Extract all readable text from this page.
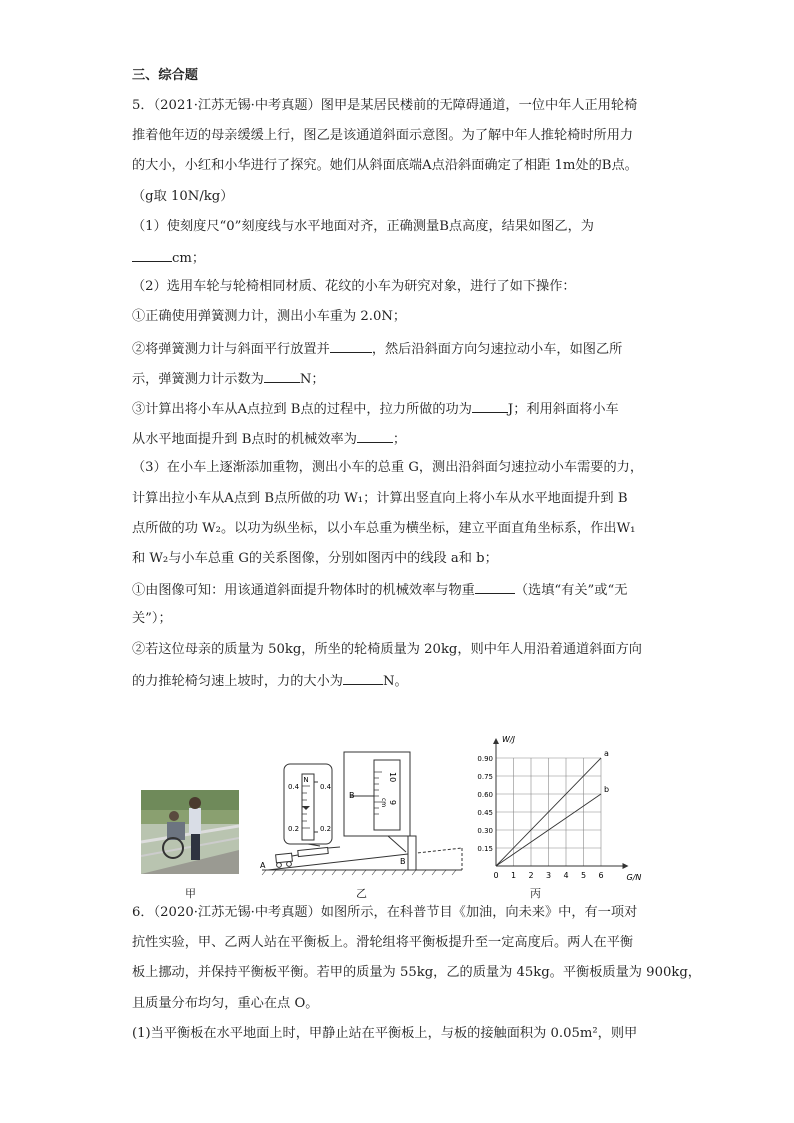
三、综合题
5．（2021·江苏无锡·中考真题）图甲是某居民楼前的无障碍通道，一位中年人正用轮椅
推着他年迈的母亲缓缓上行，图乙是该通道斜面示意图。为了解中年人推轮椅时所用力
的大小，小红和小华进行了探究。她们从斜面底端A点沿斜面确定了相距 1m处的B点。
（g取 10N/kg）
（1）使刻度尺“0”刻度线与水平地面对齐，正确测量B点高度，结果如图乙，为
cm；
（2）选用车轮与轮椅相同材质、花纹的小车为研究对象，进行了如下操作：
①正确使用弹簧测力计，测出小车重为 2.0N；
②将弹簧测力计与斜面平行放置并	，然后沿斜面方向匀速拉动小车，如图乙所
示，弹簧测力计示数为	N；
③计算出将小车从A点拉到 B点的过程中，拉力所做的功为	J；利用斜面将小车
从水平地面提升到 B点时的机械效率为	；
（3）在小车上逐渐添加重物，测出小车的总重 G，测出沿斜面匀速拉动小车需要的力，
计算出拉小车从A点到 B点所做的功 W₁；计算出竖直向上将小车从水平地面提升到 B
点所做的功 W₂。以功为纵坐标，以小车总重为横坐标，建立平面直角坐标系，作出W₁
和 W₂与小车总重 G的关系图像，分别如图丙中的线段 a和 b；
①由图像可知：用该通道斜面提升物体时的机械效率与物重	（选填“有关”或“无
关”）；
②若这位母亲的质量为 50kg，所坐的轮椅质量为 20kg，则中年人用沿着通道斜面方向
的力推轮椅匀速上坡时，力的大小为	N。
甲
N
0.4	0.4
0.2	0.2
B
10
9
cm
A	B
乙
0 1 2 3 4 5 6
0.15
0.30
0.45
0.60
0.75
0.90
W/J
G/N
a
b
丙
6．（2020·江苏无锡·中考真题）如图所示，在科普节目《加油，向未来》中，有一项对
抗性实验，甲、乙两人站在平衡板上。滑轮组将平衡板提升至一定高度后。两人在平衡
板上挪动，并保持平衡板平衡。若甲的质量为 55kg，乙的质量为 45kg。平衡板质量为 900kg，
且质量分布均匀，重心在点 O。
(1)当平衡板在水平地面上时，甲静止站在平衡板上，与板的接触面积为 0.05m²，则甲
